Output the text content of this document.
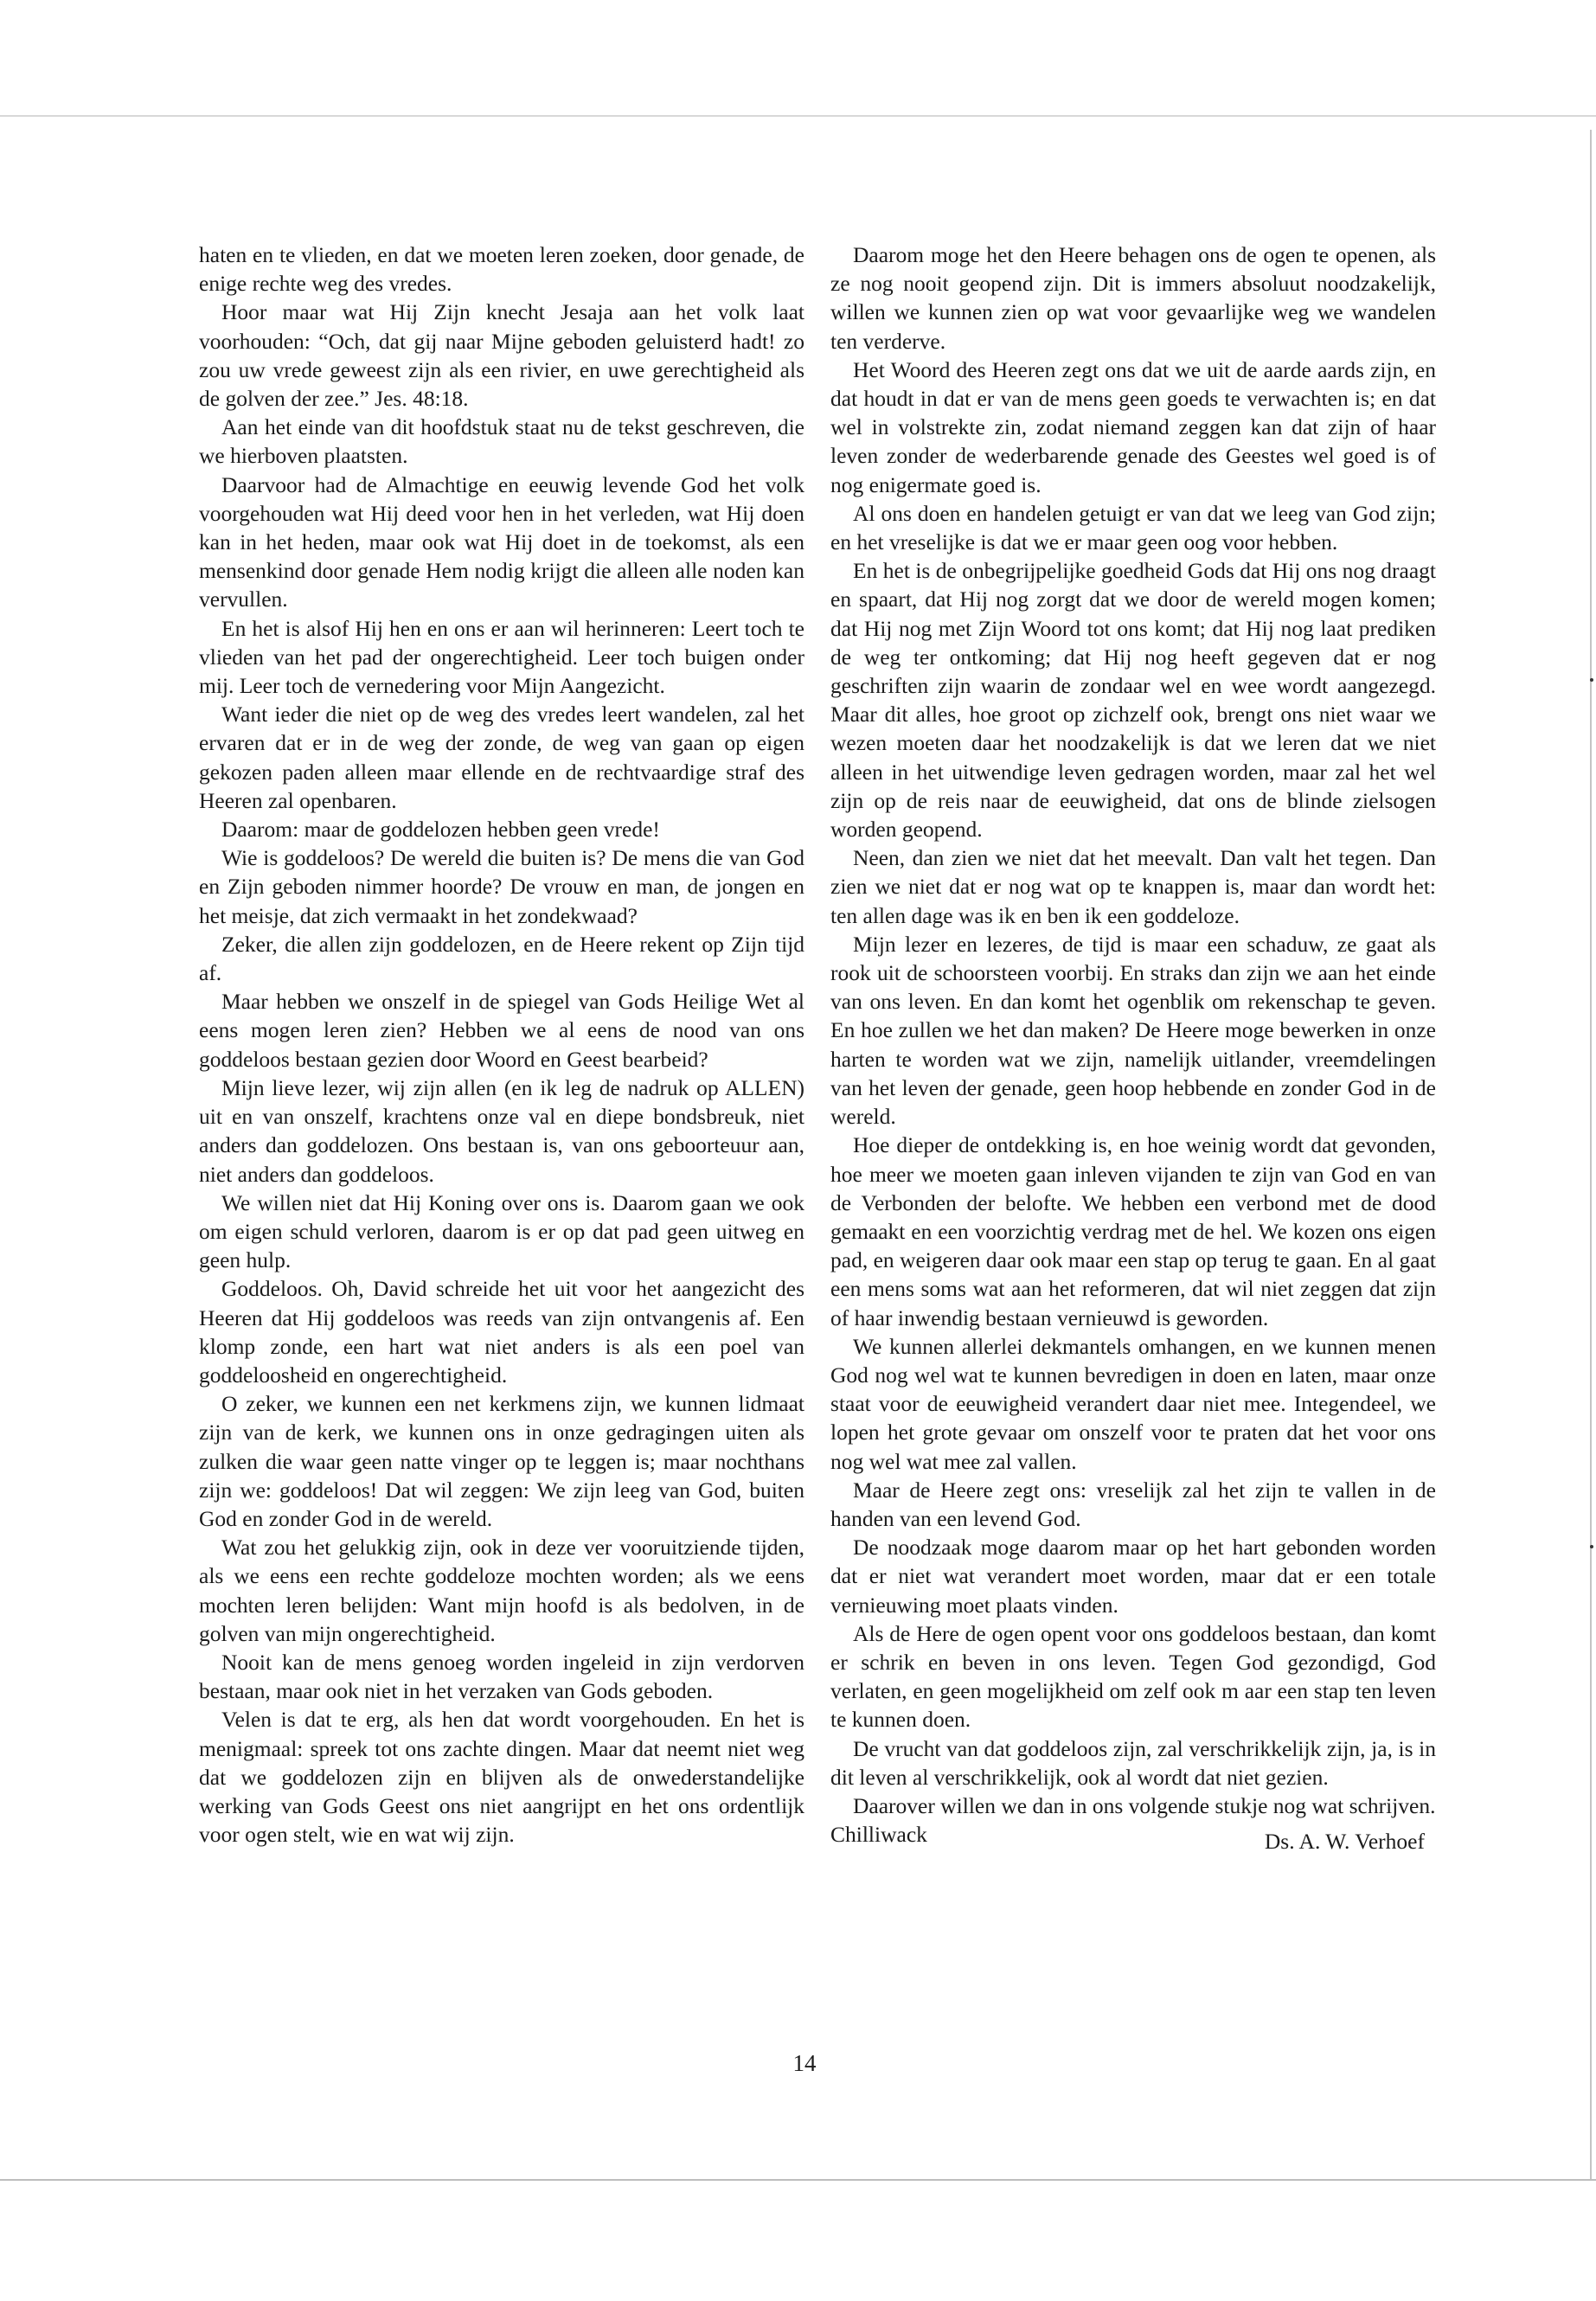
haten en te vlieden, en dat we moeten leren zoeken, door genade, de enige rechte weg des vredes.

Hoor maar wat Hij Zijn knecht Jesaja aan het volk laat voorhouden: “Och, dat gij naar Mijne geboden geluisterd hadt! zo zou uw vrede geweest zijn als een rivier, en uwe gerechtigheid als de golven der zee.” Jes. 48:18.

Aan het einde van dit hoofdstuk staat nu de tekst geschreven, die we hierboven plaatsten.

Daarvoor had de Almachtige en eeuwig levende God het volk voorgehouden wat Hij deed voor hen in het verleden, wat Hij doen kan in het heden, maar ook wat Hij doet in de toekomst, als een mensenkind door genade Hem nodig krijgt die alleen alle noden kan vervullen.

En het is alsof Hij hen en ons er aan wil herinneren: Leert toch te vlieden van het pad der ongerechtigheid. Leer toch buigen onder mij. Leer toch de vernedering voor Mijn Aangezicht.

Want ieder die niet op de weg des vredes leert wandelen, zal het ervaren dat er in de weg der zonde, de weg van gaan op eigen gekozen paden alleen maar ellende en de rechtvaardige straf des Heeren zal openbaren.

Daarom: maar de goddelozen hebben geen vrede!

Wie is goddeloos? De wereld die buiten is? De mens die van God en Zijn geboden nimmer hoorde? De vrouw en man, de jongen en het meisje, dat zich vermaakt in het zondekwaad?

Zeker, die allen zijn goddelozen, en de Heere rekent op Zijn tijd af.

Maar hebben we onszelf in de spiegel van Gods Heilige Wet al eens mogen leren zien? Hebben we al eens de nood van ons goddeloos bestaan gezien door Woord en Geest bearbeid?

Mijn lieve lezer, wij zijn allen (en ik leg de nadruk op ALLEN) uit en van onszelf, krachtens onze val en diepe bondsbreuk, niet anders dan goddelozen. Ons bestaan is, van ons geboorteuur aan, niet anders dan goddeloos.

We willen niet dat Hij Koning over ons is. Daarom gaan we ook om eigen schuld verloren, daarom is er op dat pad geen uitweg en geen hulp.

Goddeloos. Oh, David schreide het uit voor het aangezicht des Heeren dat Hij goddeloos was reeds van zijn ontvangenis af. Een klomp zonde, een hart wat niet anders is als een poel van goddeloosheid en ongerechtigheid.

O zeker, we kunnen een net kerkmens zijn, we kunnen lidmaat zijn van de kerk, we kunnen ons in onze gedragingen uiten als zulken die waar geen natte vinger op te leggen is; maar nochthans zijn we: goddeloos! Dat wil zeggen: We zijn leeg van God, buiten God en zonder God in de wereld.

Wat zou het gelukkig zijn, ook in deze ver vooruitziende tijden, als we eens een rechte goddeloze mochten worden; als we eens mochten leren belijden: Want mijn hoofd is als bedolven, in de golven van mijn ongerechtigheid.

Nooit kan de mens genoeg worden ingeleid in zijn verdorven bestaan, maar ook niet in het verzaken van Gods geboden.

Velen is dat te erg, als hen dat wordt voorgehouden. En het is menigmaal: spreek tot ons zachte dingen. Maar dat neemt niet weg dat we goddelozen zijn en blijven als de onwederstandelijke werking van Gods Geest ons niet aangrijpt en het ons ordentlijk voor ogen stelt, wie en wat wij zijn.

Daarom moge het den Heere behagen ons de ogen te openen, als ze nog nooit geopend zijn. Dit is immers absoluut noodzakelijk, willen we kunnen zien op wat voor gevaarlijke weg we wandelen ten verderve.

Het Woord des Heeren zegt ons dat we uit de aarde aards zijn, en dat houdt in dat er van de mens geen goeds te verwachten is; en dat wel in volstrekte zin, zodat niemand zeggen kan dat zijn of haar leven zonder de wederbarende genade des Geestes wel goed is of nog enigermate goed is.

Al ons doen en handelen getuigt er van dat we leeg van God zijn; en het vreselijke is dat we er maar geen oog voor hebben.

En het is de onbegrijpelijke goedheid Gods dat Hij ons nog draagt en spaart, dat Hij nog zorgt dat we door de wereld mogen komen; dat Hij nog met Zijn Woord tot ons komt; dat Hij nog laat prediken de weg ter ontkoming; dat Hij nog heeft gegeven dat er nog geschriften zijn waarin de zondaar wel en wee wordt aangezegd. Maar dit alles, hoe groot op zichzelf ook, brengt ons niet waar we wezen moeten daar het noodzakelijk is dat we leren dat we niet alleen in het uitwendige leven gedragen worden, maar zal het wel zijn op de reis naar de eeuwigheid, dat ons de blinde zielsogen worden geopend.

Neen, dan zien we niet dat het meevalt. Dan valt het tegen. Dan zien we niet dat er nog wat op te knappen is, maar dan wordt het: ten allen dage was ik en ben ik een goddeloze.

Mijn lezer en lezeres, de tijd is maar een schaduw, ze gaat als rook uit de schoorsteen voorbij. En straks dan zijn we aan het einde van ons leven. En dan komt het ogenblik om rekenschap te geven. En hoe zullen we het dan maken? De Heere moge bewerken in onze harten te worden wat we zijn, namelijk uitlander, vreemdelingen van het leven der genade, geen hoop hebbende en zonder God in de wereld.

Hoe dieper de ontdekking is, en hoe weinig wordt dat gevonden, hoe meer we moeten gaan inleven vijanden te zijn van God en van de Verbonden der belofte. We hebben een verbond met de dood gemaakt en een voorzichtig verdrag met de hel. We kozen ons eigen pad, en weigeren daar ook maar een stap op terug te gaan. En al gaat een mens soms wat aan het reformeren, dat wil niet zeggen dat zijn of haar inwendig bestaan vernieuwd is geworden.

We kunnen allerlei dekmantels omhangen, en we kunnen menen God nog wel wat te kunnen bevredigen in doen en laten, maar onze staat voor de eeuwigheid verandert daar niet mee. Integendeel, we lopen het grote gevaar om onszelf voor te praten dat het voor ons nog wel wat mee zal vallen.

Maar de Heere zegt ons: vreselijk zal het zijn te vallen in de handen van een levend God.

De noodzaak moge daarom maar op het hart gebonden worden dat er niet wat verandert moet worden, maar dat er een totale vernieuwing moet plaats vinden.

Als de Here de ogen opent voor ons goddeloos bestaan, dan komt er schrik en beven in ons leven. Tegen God gezondigd, God verlaten, en geen mogelijkheid om zelf ook m aar een stap ten leven te kunnen doen.

De vrucht van dat goddeloos zijn, zal verschrikkelijk zijn, ja, is in dit leven al verschrikkelijk, ook al wordt dat niet gezien.

Daarover willen we dan in ons volgende stukje nog wat schrijven.

Chilliwack	Ds. A. W. Verhoef
14
